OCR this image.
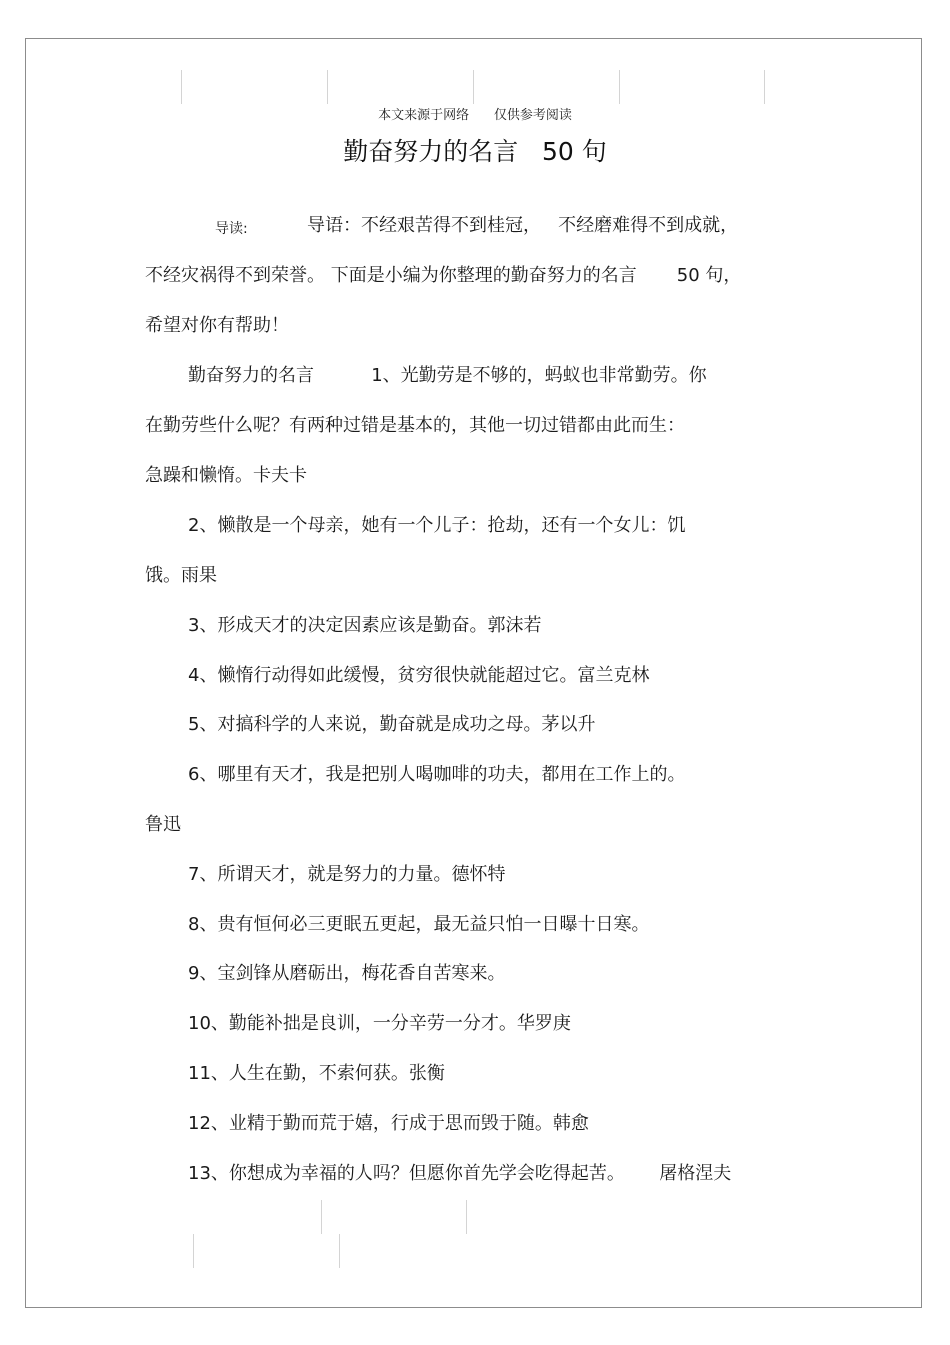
本文来源于网络      仅供参考阅读
勤奋努力的名言   50 句
导读:	导语：不经艰苦得不到桂冠，   不经磨难得不到成就，
不经灾祸得不到荣誉。 下面是小编为你整理的勤奋努力的名言       50 句，
希望对你有帮助！
勤奋努力的名言          1、光勤劳是不够的，蚂蚁也非常勤劳。你
在勤劳些什么呢？有两种过错是基本的，其他一切过错都由此而生：
急躁和懒惰。卡夫卡
2、懒散是一个母亲，她有一个儿子：抢劫，还有一个女儿：饥
饿。雨果
3、形成天才的决定因素应该是勤奋。郭沫若
4、懒惰行动得如此缓慢，贫穷很快就能超过它。富兰克林
5、对搞科学的人来说，勤奋就是成功之母。茅以升
6、哪里有天才，我是把别人喝咖啡的功夫，都用在工作上的。
鲁迅
7、所谓天才，就是努力的力量。德怀特
8、贵有恒何必三更眠五更起，最无益只怕一日曝十日寒。
9、宝剑锋从磨砺出，梅花香自苦寒来。
10、勤能补拙是良训，一分辛劳一分才。华罗庚
11、人生在勤，不索何获。张衡
12、业精于勤而荒于嬉，行成于思而毁于随。韩愈
13、你想成为幸福的人吗？但愿你首先学会吃得起苦。      屠格涅夫
